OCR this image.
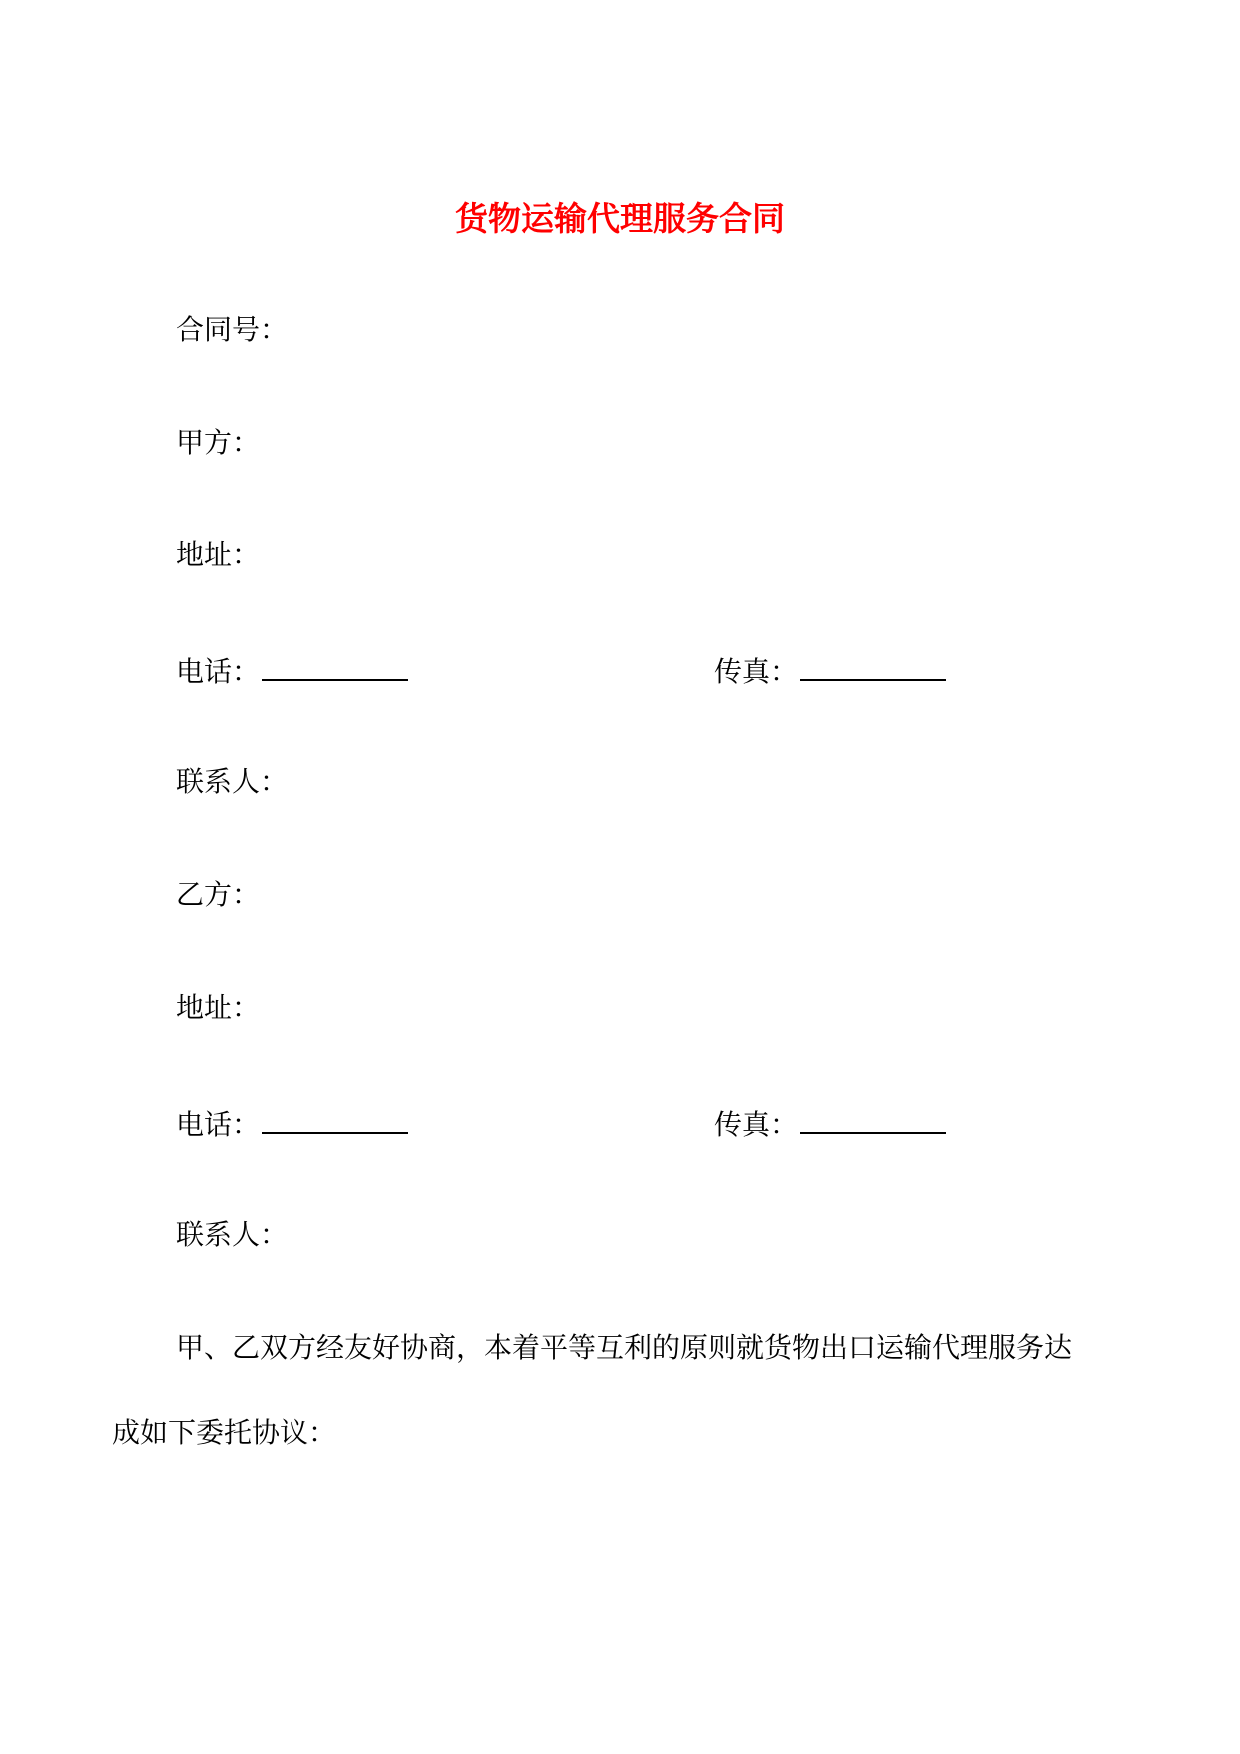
货物运输代理服务合同
合同号：
甲方：
地址：
电话：	传真：
联系人：
乙方：
地址：
电话：	传真：
联系人：
甲、乙双方经友好协商，本着平等互利的原则就货物出口运输代理服务达
成如下委托协议：
